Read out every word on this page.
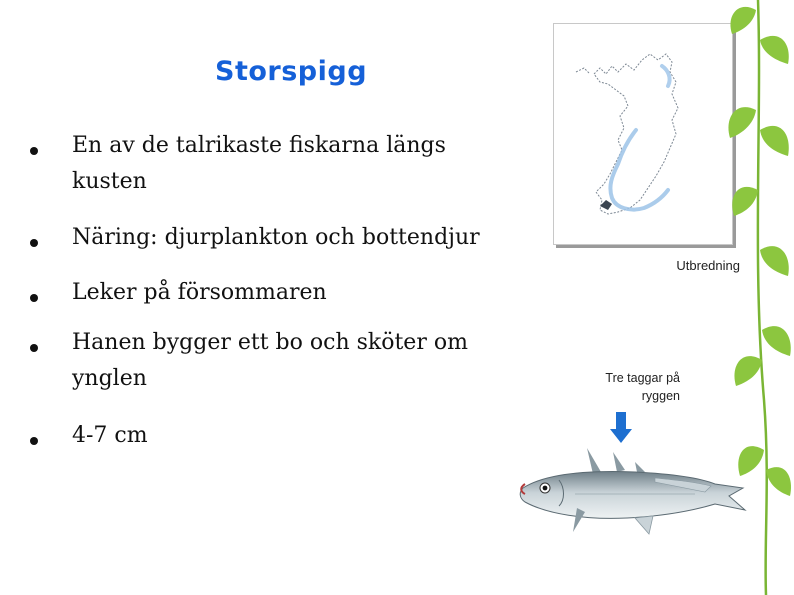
Storspigg
En av de talrikaste fiskarna längs kusten
Näring: djurplankton och bottendjur
Leker på försommaren
Hanen bygger ett bo och sköter om ynglen
4-7 cm
Utbredning
Tre taggar på ryggen
